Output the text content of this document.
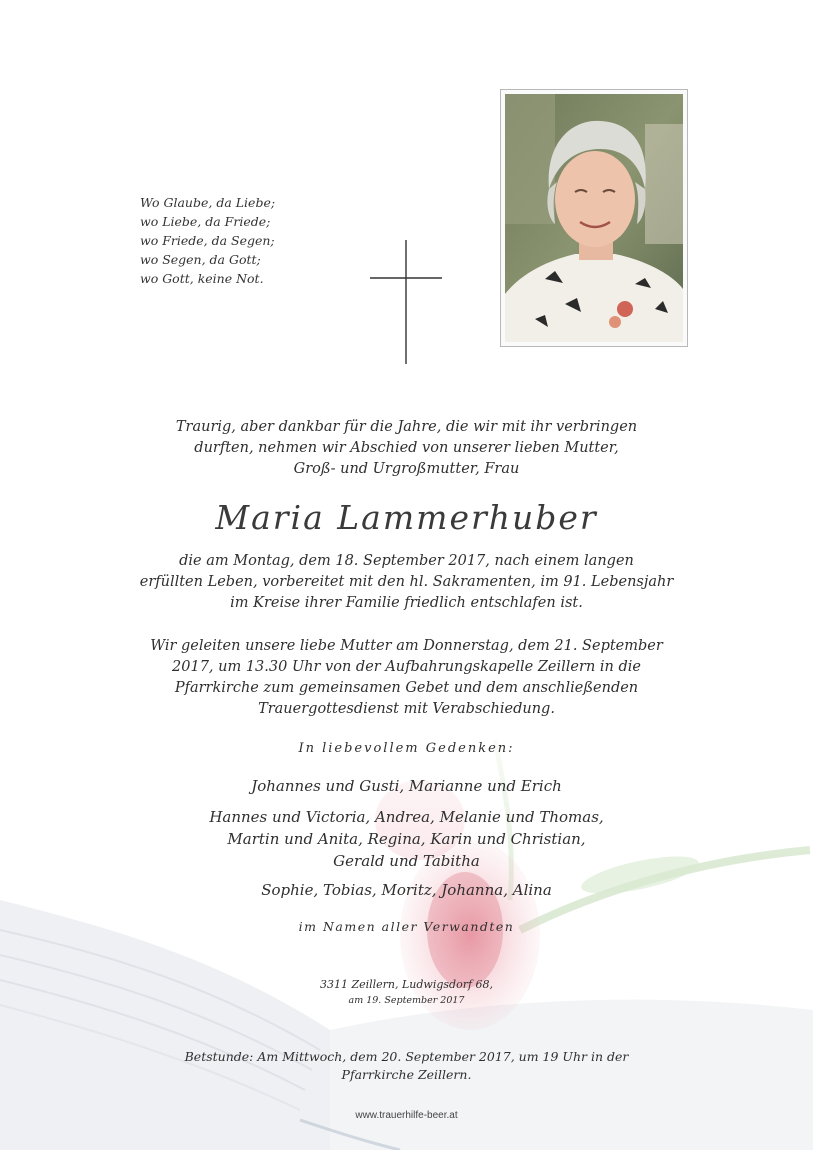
Wo Glaube, da Liebe;
wo Liebe, da Friede;
wo Friede, da Segen;
wo Segen, da Gott;
wo Gott, keine Not.
Traurig, aber dankbar für die Jahre, die wir mit ihr verbringen
durften, nehmen wir Abschied von unserer lieben Mutter,
Groß- und Urgroßmutter, Frau
Maria Lammerhuber
die am Montag, dem 18. September 2017, nach einem langen
erfüllten Leben, vorbereitet mit den hl. Sakramenten, im 91. Lebensjahr
im Kreise ihrer Familie friedlich entschlafen ist.
Wir geleiten unsere liebe Mutter am Donnerstag, dem 21. September
2017, um 13.30 Uhr von der Aufbahrungskapelle Zeillern in die
Pfarrkirche zum gemeinsamen Gebet und dem anschließenden
Trauergottesdienst mit Verabschiedung.
In liebevollem Gedenken:
Johannes und Gusti, Marianne und Erich
Hannes und Victoria, Andrea, Melanie und Thomas,
Martin und Anita, Regina, Karin und Christian,
Gerald und Tabitha
Sophie, Tobias, Moritz, Johanna, Alina
im Namen aller Verwandten
3311 Zeillern, Ludwigsdorf 68,
am 19. September 2017
Betstunde: Am Mittwoch, dem 20. September 2017, um 19 Uhr in der
Pfarrkirche Zeillern.
www.trauerhilfe-beer.at
